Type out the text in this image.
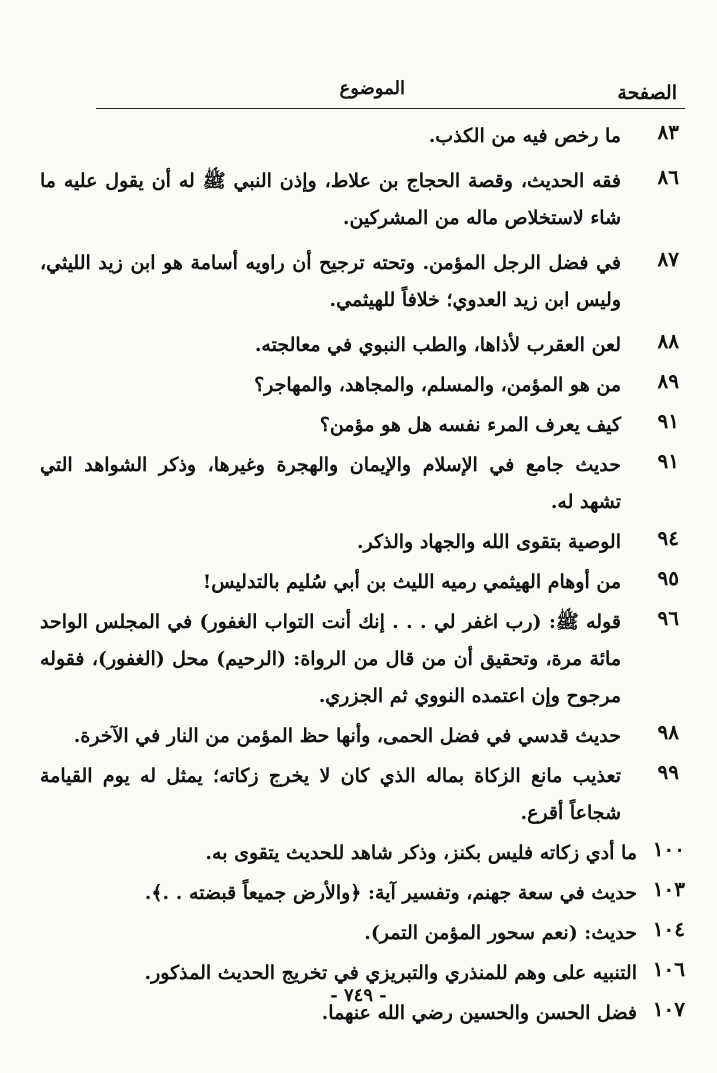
الصفحة
الموضوع
٨٣
ما رخص فيه من الكذب.
٨٦
فقه الحديث، وقصة الحجاج بن علاط، وإذن النبي ﷺ له أن يقول عليه ما شاء لاستخلاص ماله من المشركين.
٨٧
في فضل الرجل المؤمن. وتحته ترجيح أن راويه أسامة هو ابن زيد الليثي، وليس ابن زيد العدوي؛ خلافاً للهيثمي.
٨٨
لعن العقرب لأذاها، والطب النبوي في معالجته.
٨٩
من هو المؤمن، والمسلم، والمجاهد، والمهاجر؟
٩١
كيف يعرف المرء نفسه هل هو مؤمن؟
٩١
حديث جامع في الإسلام والإيمان والهجرة وغيرها، وذكر الشواهد التي تشهد له.
٩٤
الوصية بتقوى الله والجهاد والذكر.
٩٥
من أوهام الهيثمي رميه الليث بن أبي سُليم بالتدليس!
٩٦
قوله ﷺ: (رب اغفر لي . . . إنك أنت التواب الغفور) في المجلس الواحد مائة مرة، وتحقيق أن من قال من الرواة: (الرحيم) محل (الغفور)، فقوله مرجوح وإن اعتمده النووي ثم الجزري.
٩٨
حديث قدسي في فضل الحمى، وأنها حظ المؤمن من النار في الآخرة.
٩٩
تعذيب مانع الزكاة بماله الذي كان لا يخرج زكاته؛ يمثل له يوم القيامة شجاعاً أقرع.
١٠٠
ما أدي زكاته فليس بكنز، وذكر شاهد للحديث يتقوى به.
١٠٣
حديث في سعة جهنم، وتفسير آية: ﴿والأرض جميعاً قبضته . .﴾.
١٠٤
حديث: (نعم سحور المؤمن التمر).
١٠٦
التنبيه على وهم للمنذري والتبريزي في تخريج الحديث المذكور.
١٠٧
فضل الحسن والحسين رضي الله عنهما.
- ٧٤٩ -
